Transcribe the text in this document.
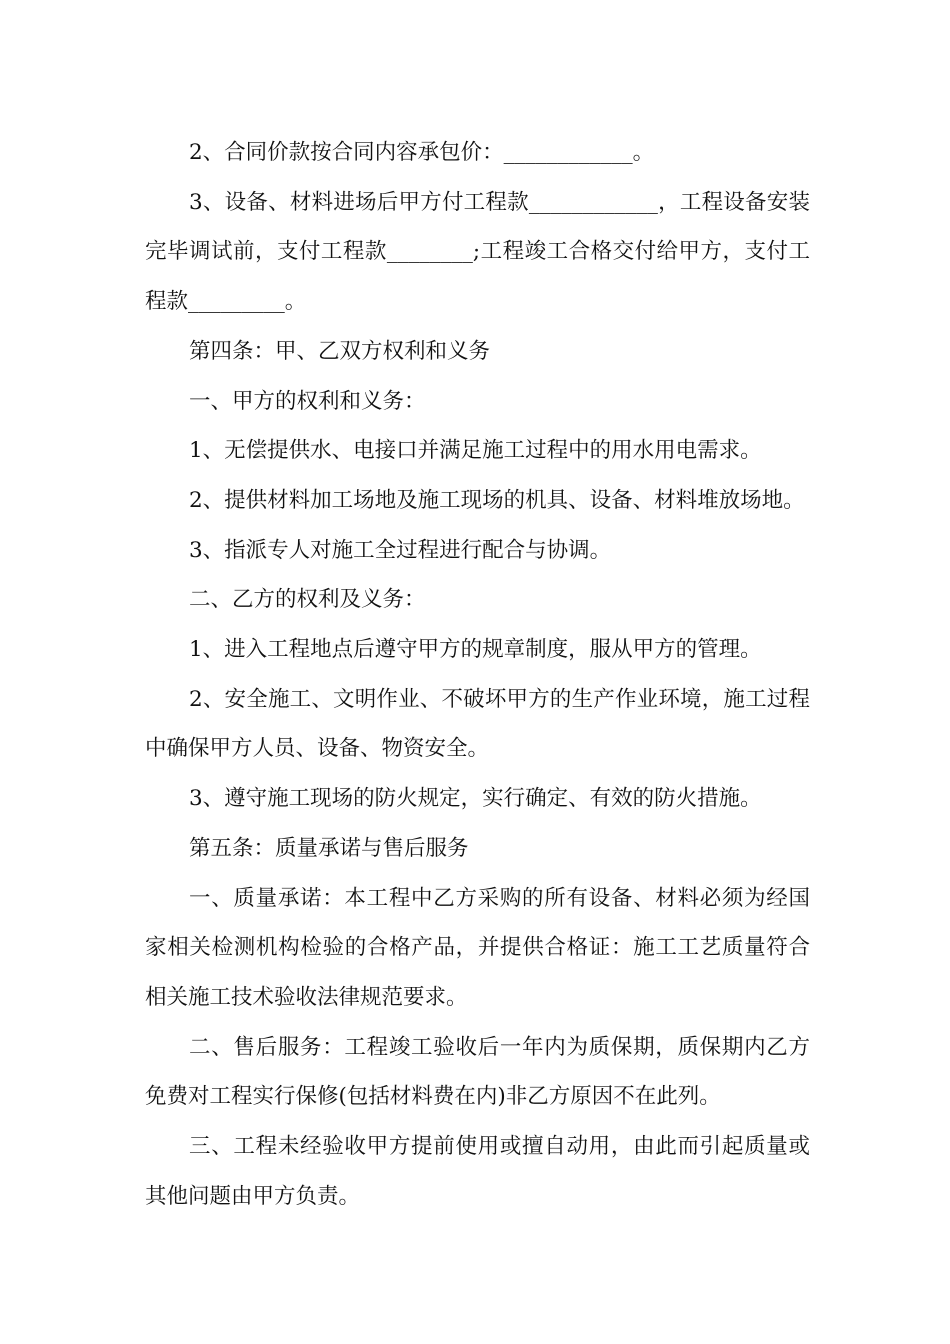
2、合同价款按合同内容承包价：____________。

3、设备、材料进场后甲方付工程款____________，工程设备安装完毕调试前，支付工程款________;工程竣工合格交付给甲方，支付工程款_________。

第四条：甲、乙双方权利和义务

一、甲方的权利和义务：

1、无偿提供水、电接口并满足施工过程中的用水用电需求。

2、提供材料加工场地及施工现场的机具、设备、材料堆放场地。

3、指派专人对施工全过程进行配合与协调。

二、乙方的权利及义务：

1、进入工程地点后遵守甲方的规章制度，服从甲方的管理。

2、安全施工、文明作业、不破坏甲方的生产作业环境，施工过程中确保甲方人员、设备、物资安全。

3、遵守施工现场的防火规定，实行确定、有效的防火措施。

第五条：质量承诺与售后服务

一、质量承诺：本工程中乙方采购的所有设备、材料必须为经国家相关检测机构检验的合格产品，并提供合格证：施工工艺质量符合相关施工技术验收法律规范要求。

二、售后服务：工程竣工验收后一年内为质保期，质保期内乙方免费对工程实行保修(包括材料费在内)非乙方原因不在此列。

三、工程未经验收甲方提前使用或擅自动用，由此而引起质量或其他问题由甲方负责。
